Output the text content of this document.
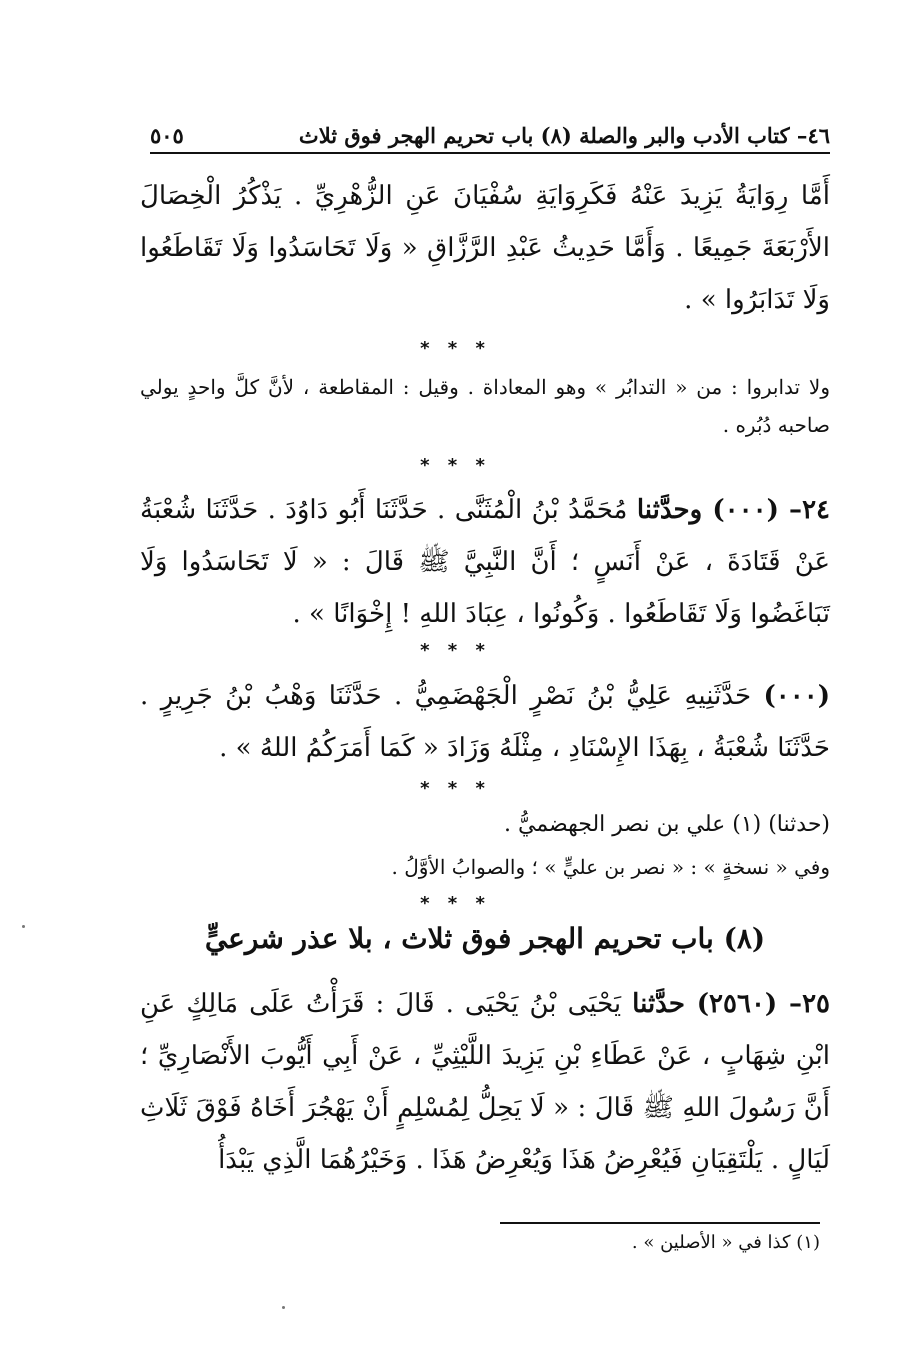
٤٦– كتاب الأدب والبر والصلة (٨) باب تحريم الهجر فوق ثلاث
٥٠٥
أَمَّا رِوَايَةُ يَزِيدَ عَنْهُ فَكَرِوَايَةِ سُفْيَانَ عَنِ الزُّهْرِيِّ . يَذْكُرُ الْخِصَالَ الأَرْبَعَةَ جَمِيعًا . وَأَمَّا حَدِيثُ عَبْدِ الرَّزَّاقِ « وَلَا تَحَاسَدُوا وَلَا تَقَاطَعُوا وَلَا تَدَابَرُوا » .
* * *
ولا تدابروا : من « التدابُر » وهو المعاداة . وقيل : المقاطعة ، لأنَّ كلَّ واحدٍ يولي صاحبه دُبُره .
* * *
٢٤– (٠٠٠) وحدَّثنا مُحَمَّدُ بْنُ الْمُثَنَّى . حَدَّثَنَا أَبُو دَاوُدَ . حَدَّثَنَا شُعْبَةُ عَنْ قَتَادَةَ ، عَنْ أَنَسٍ ؛ أَنَّ النَّبِيَّ ﷺ قَالَ : « لَا تَحَاسَدُوا وَلَا تَبَاغَضُوا وَلَا تَقَاطَعُوا . وَكُونُوا ، عِبَادَ اللهِ ! إِخْوَانًا » .
* * *
(٠٠٠) حَدَّثَنِيهِ عَلِيُّ بْنُ نَصْرٍ الْجَهْضَمِيُّ . حَدَّثَنَا وَهْبُ بْنُ جَرِيرٍ . حَدَّثَنَا شُعْبَةُ ، بِهَذَا الإِسْنَادِ ، مِثْلَهُ وَزَادَ « كَمَا أَمَرَكُمُ اللهُ » .
* * *
(حدثنا) (١) علي بن نصر الجهضميُّ .
وفي « نسخةٍ » : « نصر بن عليٍّ » ؛ والصوابُ الأوَّلُ .
* * *
(٨) باب تحريم الهجر فوق ثلاث ، بلا عذر شرعيٍّ
٢٥– (٢٥٦٠) حدَّثنا يَحْيَى بْنُ يَحْيَى . قَالَ : قَرَأْتُ عَلَى مَالِكٍ عَنِ ابْنِ شِهَابٍ ، عَنْ عَطَاءِ بْنِ يَزِيدَ اللَّيْثِيِّ ، عَنْ أَبِي أَيُّوبَ الأَنْصَارِيِّ ؛ أَنَّ رَسُولَ اللهِ ﷺ قَالَ : « لَا يَحِلُّ لِمُسْلِمٍ أَنْ يَهْجُرَ أَخَاهُ فَوْقَ ثَلَاثِ لَيَالٍ . يَلْتَقِيَانِ فَيُعْرِضُ هَذَا وَيُعْرِضُ هَذَا . وَخَيْرُهُمَا الَّذِي يَبْدَأُ
(١) كذا في « الأصلين » .
